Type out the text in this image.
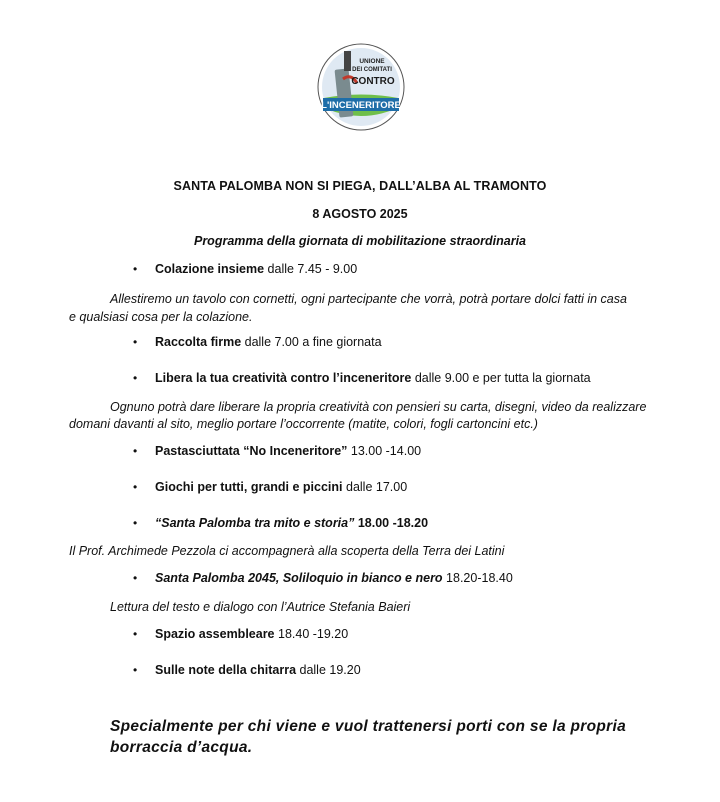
UNIONE
DEI COMITATI
CONTRO
L'INCENERITORE
SANTA PALOMBA NON SI PIEGA, DALL’ALBA AL TRAMONTO
8 AGOSTO 2025
Programma della giornata di mobilitazione straordinaria
• Colazione insieme dalle 7.45 - 9.00
Allestiremo un tavolo con cornetti, ogni partecipante che vorrà, potrà portare dolci fatti in casa
e qualsiasi cosa per la colazione.
• Raccolta firme dalle 7.00 a fine giornata
• Libera la tua creatività contro l’inceneritore dalle 9.00 e per tutta la giornata
Ognuno potrà dare liberare la propria creatività con pensieri su carta, disegni, video da realizzare
domani davanti al sito, meglio portare l’occorrente (matite, colori, fogli cartoncini etc.)
• Pastasciuttata “No Inceneritore” 13.00 -14.00
• Giochi per tutti, grandi e piccini dalle 17.00
• “Santa Palomba tra mito e storia” 18.00 -18.20
Il Prof. Archimede Pezzola ci accompagnerà alla scoperta della Terra dei Latini
• Santa Palomba 2045, Soliloquio in bianco e nero 18.20-18.40
Lettura del testo e dialogo con l’Autrice Stefania Baieri
• Spazio assembleare 18.40 -19.20
• Sulle note della chitarra dalle 19.20
Specialmente per chi viene e vuol trattenersi porti con se la propria
borraccia d’acqua.
